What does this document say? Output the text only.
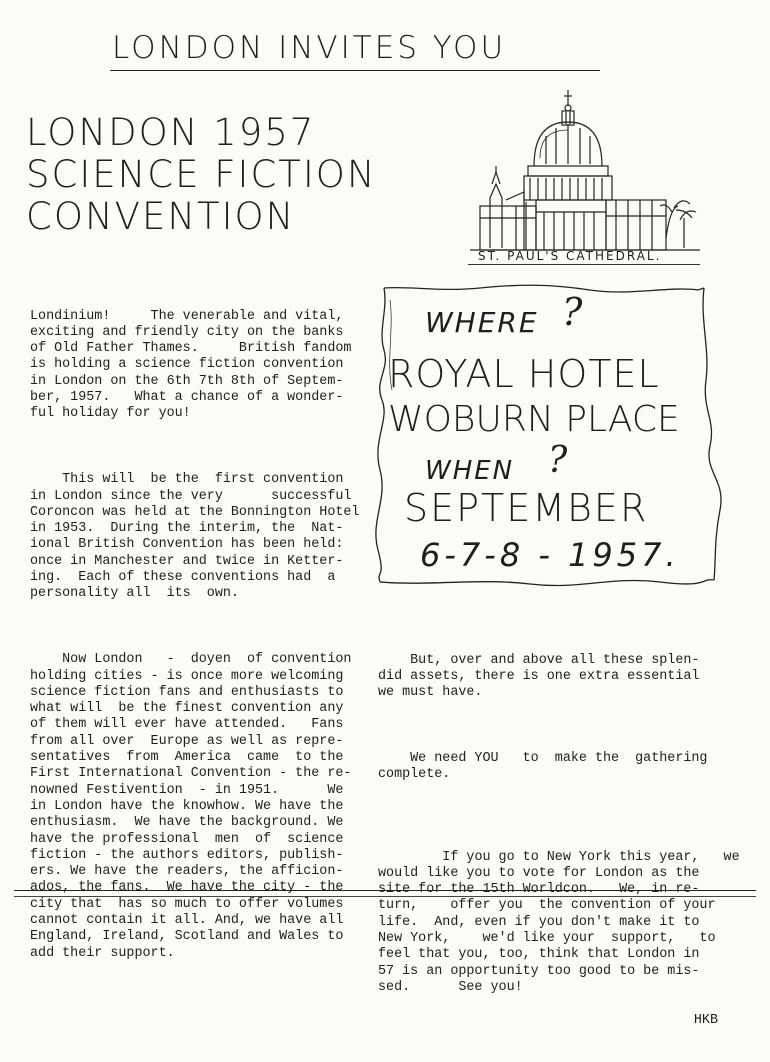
LONDON INVITES YOU
LONDON 1957
SCIENCE FICTION
CONVENTION
ST. PAUL'S CATHEDRAL.

Londinium!     The venerable and vital,
exciting and friendly city on the banks
of Old Father Thames.     British fandom
is holding a science fiction convention
in London on the 6th 7th 8th of Septem-
ber, 1957.   What a chance of a wonder-
ful holiday for you!

This will  be the  first convention
in London since the very      successful
Coroncon was held at the Bonnington Hotel
in 1953.  During the interim, the  Nat-
ional British Convention has been held:
once in Manchester and twice in Ketter-
ing.  Each of these conventions had  a
personality all  its  own.

Now London   -  doyen  of convention
holding cities - is once more welcoming
science fiction fans and enthusiasts to
what will  be the finest convention any
of them will ever have attended.   Fans
from all over  Europe as well as repre-
sentatives  from  America  came  to the
First International Convention - the re-
nowned Festivention  - in 1951.      We
in London have the knowhow. We have the
enthusiasm.  We have the background. We
have the professional  men  of  science
fiction - the authors editors, publish-
ers. We have the readers, the afficion-
ados, the fans.  We have the city - the
city that  has so much to offer volumes
cannot contain it all. And, we have all
England, Ireland, Scotland and Wales to
add their support.

WHERE ?
ROYAL HOTEL
WOBURN PLACE
WHEN ?
SEPTEMBER
6-7-8 - 1957.

But, over and above all these splen-
did assets, there is one extra essential
we must have.

We need YOU   to  make the  gathering
complete.

If you go to New York this year,   we
would like you to vote for London as the
site for the 15th Worldcon.   We, in re-
turn,    offer you  the convention of your
life.  And, even if you don't make it to
New York,    we'd like your  support,   to
feel that you, too, think that London in
57 is an opportunity too good to be mis-
sed.      See you!

HKB
